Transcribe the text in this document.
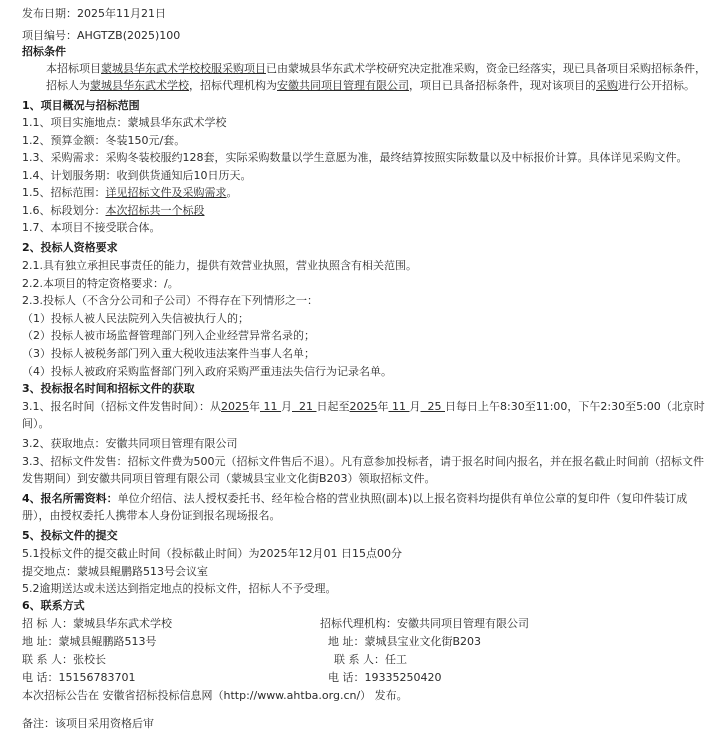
发布日期：2025年11月21日
项目编号：AHGTZB(2025)100
招标条件
本招标项目蒙城县华东武术学校校服采购项目已由蒙城县华东武术学校研究决定批准采购，资金已经落实，现已具备项目采购招标条件，招标人为蒙城县华东武术学校，招标代理机构为安徽共同项目管理有限公司，项目已具备招标条件，现对该项目的采购进行公开招标。
1、项目概况与招标范围
1.1、项目实施地点：蒙城县华东武术学校
1.2、预算金额：冬装150元/套。
1.3、采购需求：采购冬装校服约128套，实际采购数量以学生意愿为准，最终结算按照实际数量以及中标报价计算。具体详见采购文件。
1.4、计划服务期：收到供货通知后10日历天。
1.5、招标范围：详见招标文件及采购需求。
1.6、标段划分：本次招标共一个标段
1.7、本项目不接受联合体。
2、投标人资格要求
2.1.具有独立承担民事责任的能力，提供有效营业执照，营业执照含有相关范围。
2.2.本项目的特定资格要求：/。
2.3.投标人（不含分公司和子公司）不得存在下列情形之一：
（1）投标人被人民法院列入失信被执行人的；
（2）投标人被市场监督管理部门列入企业经营异常名录的；
（3）投标人被税务部门列入重大税收违法案件当事人名单；
（4）投标人被政府采购监督部门列入政府采购严重违法失信行为记录名单。
3、投标报名时间和招标文件的获取
3.1、报名时间（招标文件发售时间）：从2025年 11 月 21 日起至2025年 11 月 25 日每日上午8:30至11:00，下午2:30至5:00（北京时间）。
3.2、获取地点：安徽共同项目管理有限公司
3.3、招标文件发售：招标文件费为500元（招标文件售后不退）。凡有意参加投标者，请于报名时间内报名，并在报名截止时间前（招标文件发售期间）到安徽共同项目管理有限公司（蒙城县宝业文化街B203）领取招标文件。
4、报名所需资料：单位介绍信、法人授权委托书、经年检合格的营业执照(副本)以上报名资料均提供有单位公章的复印件（复印件装订成册），由授权委托人携带本人身份证到报名现场报名。
5、投标文件的提交
5.1投标文件的提交截止时间（投标截止时间）为2025年12月01 日15点00分
提交地点：蒙城县鲲鹏路513号会议室
5.2逾期送达或未送达到指定地点的投标文件，招标人不予受理。
6、联系方式
招 标 人：蒙城县华东武术学校	招标代理机构：安徽共同项目管理有限公司
地 址：蒙城县鲲鹏路513号	地 址：蒙城县宝业文化街B203
联 系 人：张校长	联 系 人：任工
电 话：15156783701	电 话：19335250420
本次招标公告在 安徽省招标投标信息网（http://www.ahtba.org.cn/） 发布。
备注：该项目采用资格后审
